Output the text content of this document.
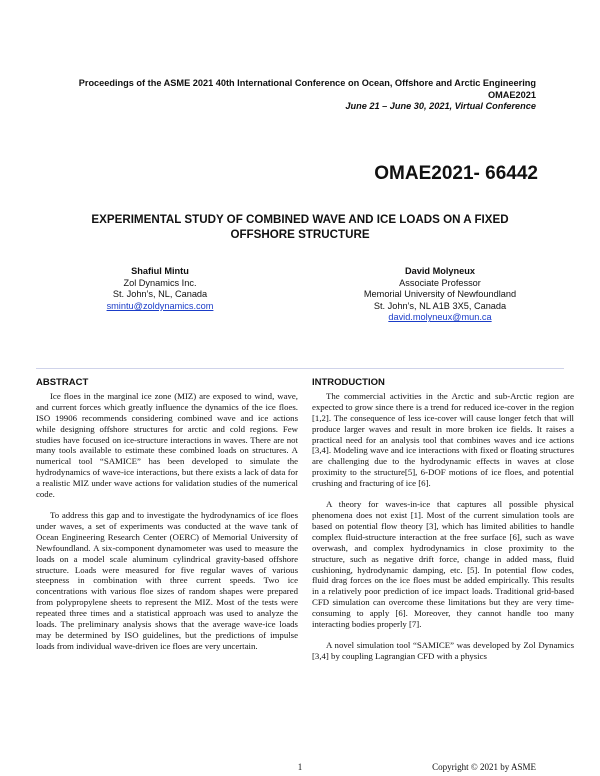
Proceedings of the ASME 2021 40th International Conference on Ocean, Offshore and Arctic Engineering
OMAE2021
June 21 – June 30, 2021, Virtual Conference
OMAE2021- 66442
EXPERIMENTAL STUDY OF COMBINED WAVE AND ICE LOADS ON A FIXED OFFSHORE STRUCTURE
Shafiul Mintu
Zol Dynamics Inc.
St. John’s, NL, Canada
smintu@zoldynamics.com
David Molyneux
Associate Professor
Memorial University of Newfoundland
St. John’s, NL A1B 3X5, Canada
david.molyneux@mun.ca
ABSTRACT

Ice floes in the marginal ice zone (MIZ) are exposed to wind, wave, and current forces which greatly influence the dynamics of the ice floes. ISO 19906 recommends considering combined wave and ice actions while designing offshore structures for arctic and cold regions. Few studies have focused on ice-structure interactions in waves. There are not many tools available to estimate these combined loads on structures. A numerical tool “SAMICE” has been developed to simulate the hydrodynamics of wave-ice interactions, but there exists a lack of data for a realistic MIZ under wave actions for validation studies of the numerical code.

To address this gap and to investigate the hydrodynamics of ice floes under waves, a set of experiments was conducted at the wave tank of Ocean Engineering Research Center (OERC) of Memorial University of Newfoundland. A six-component dynamometer was used to measure the loads on a model scale aluminum cylindrical gravity-based offshore structure. Loads were measured for five regular waves of various steepness in combination with three current speeds. Two ice concentrations with various floe sizes of random shapes were prepared from polypropylene sheets to represent the MIZ. Most of the tests were repeated three times and a statistical approach was used to analyze the loads. The preliminary analysis shows that the average wave-ice loads may be determined by ISO guidelines, but the predictions of impulse loads from individual wave-driven ice floes are very uncertain.

INTRODUCTION

The commercial activities in the Arctic and sub-Arctic region are expected to grow since there is a trend for reduced ice-cover in the region [1,2]. The consequence of less ice-cover will cause longer fetch that will produce larger waves and result in more broken ice fields. It raises a practical need for an analysis tool that combines waves and ice actions [3,4]. Modeling wave and ice interactions with fixed or floating structures are challenging due to the hydrodynamic effects in waves at close proximity to the structure[5], 6-DOF motions of ice floes, and potential crushing and fracturing of ice [6].

A theory for waves-in-ice that captures all possible physical phenomena does not exist [1]. Most of the current simulation tools are based on potential flow theory [3], which has limited abilities to handle complex fluid-structure interaction at the free surface [6], such as wave overwash, and complex hydrodynamics in close proximity to the structure, such as negative drift force, change in added mass, fluid cushioning, hydrodynamic damping, etc. [5]. In potential flow codes, fluid drag forces on the ice floes must be added empirically. This results in a relatively poor prediction of ice impact loads. Traditional grid-based CFD simulation can overcome these limitations but they are very time-consuming to apply [6]. Moreover, they cannot handle too many interacting bodies properly [7].

A novel simulation tool “SAMICE” was developed by Zol Dynamics [3,4] by coupling Lagrangian CFD with a physics

1	Copyright © 2021 by ASME
